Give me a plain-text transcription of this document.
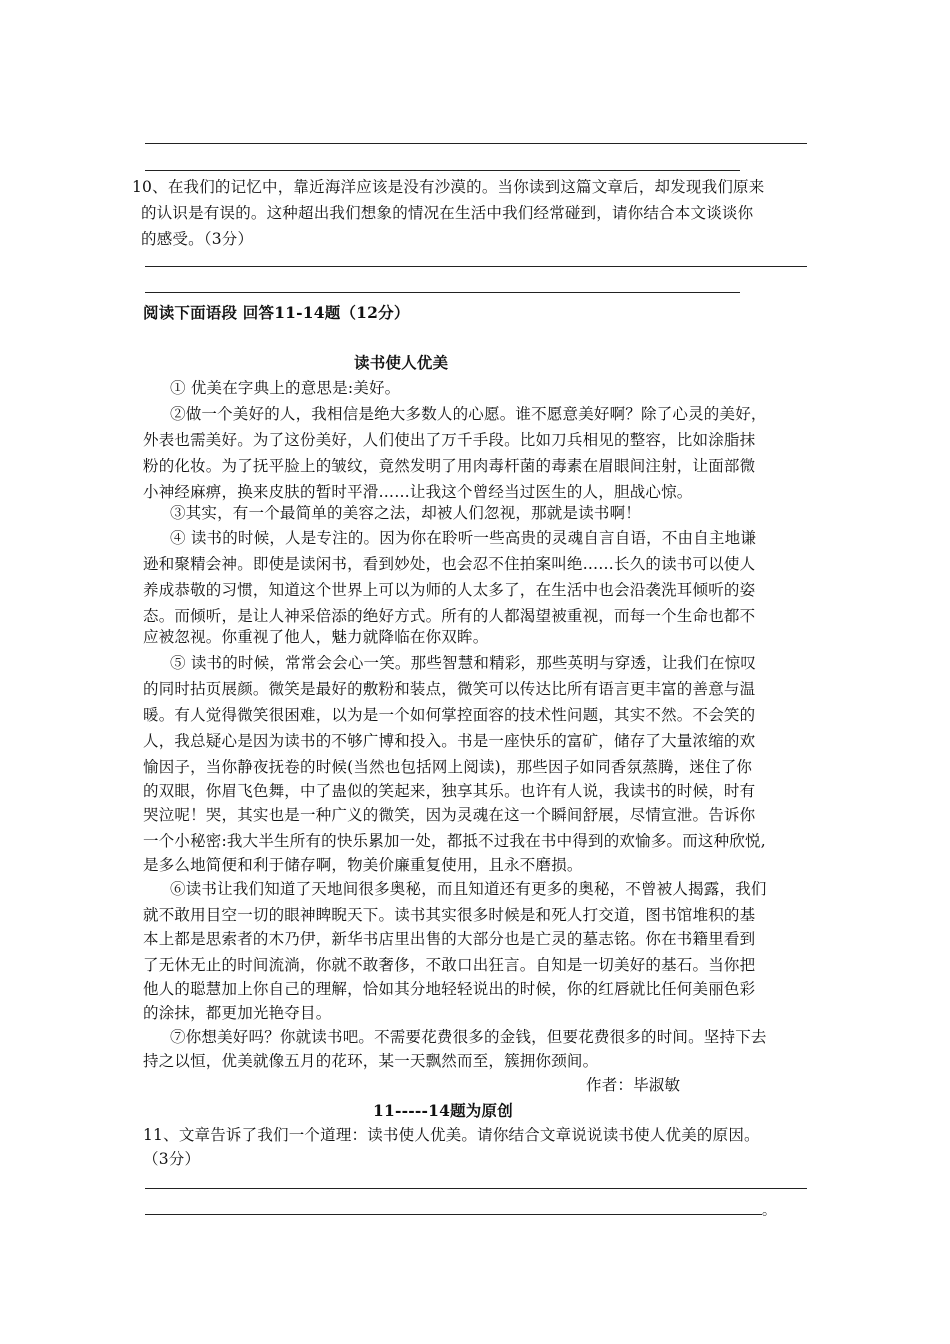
10、在我们的记忆中，靠近海洋应该是没有沙漠的。当你读到这篇文章后，却发现我们原来
的认识是有误的。这种超出我们想象的情况在生活中我们经常碰到，请你结合本文谈谈你
的感受。（3分）
阅读下面语段 回答11-14题（12分）
读书使人优美
① 优美在字典上的意思是:美好。
②做一个美好的人，我相信是绝大多数人的心愿。谁不愿意美好啊？除了心灵的美好，
外表也需美好。为了这份美好，人们使出了万千手段。比如刀兵相见的整容，比如涂脂抹
粉的化妆。为了抚平脸上的皱纹，竟然发明了用肉毒杆菌的毒素在眉眼间注射，让面部微
小神经麻痹，换来皮肤的暂时平滑……让我这个曾经当过医生的人，胆战心惊。
③其实，有一个最简单的美容之法，却被人们忽视，那就是读书啊！
④ 读书的时候，人是专注的。因为你在聆听一些高贵的灵魂自言自语，不由自主地谦
逊和聚精会神。即使是读闲书，看到妙处，也会忍不住拍案叫绝……长久的读书可以使人
养成恭敬的习惯，知道这个世界上可以为师的人太多了，在生活中也会沿袭洗耳倾听的姿
态。而倾听，是让人神采倍添的绝好方式。所有的人都渴望被重视，而每一个生命也都不
应被忽视。你重视了他人，魅力就降临在你双眸。
⑤ 读书的时候，常常会会心一笑。那些智慧和精彩，那些英明与穿透，让我们在惊叹
的同时拈页展颜。微笑是最好的敷粉和装点，微笑可以传达比所有语言更丰富的善意与温
暖。有人觉得微笑很困难，以为是一个如何掌控面容的技术性问题，其实不然。不会笑的
人，我总疑心是因为读书的不够广博和投入。书是一座快乐的富矿，储存了大量浓缩的欢
愉因子，当你静夜抚卷的时候(当然也包括网上阅读)，那些因子如同香氛蒸腾，迷住了你
的双眼，你眉飞色舞，中了蛊似的笑起来，独享其乐。也许有人说，我读书的时候，时有
哭泣呢！哭，其实也是一种广义的微笑，因为灵魂在这一个瞬间舒展，尽情宣泄。告诉你
一个小秘密:我大半生所有的快乐累加一处，都抵不过我在书中得到的欢愉多。而这种欣悦,
是多么地简便和利于储存啊，物美价廉重复使用，且永不磨损。
⑥读书让我们知道了天地间很多奥秘，而且知道还有更多的奥秘，不曾被人揭露，我们
就不敢用目空一切的眼神睥睨天下。读书其实很多时候是和死人打交道，图书馆堆积的基
本上都是思索者的木乃伊，新华书店里出售的大部分也是亡灵的墓志铭。你在书籍里看到
了无休无止的时间流淌，你就不敢奢侈，不敢口出狂言。自知是一切美好的基石。当你把
他人的聪慧加上你自己的理解，恰如其分地轻轻说出的时候，你的红唇就比任何美丽色彩
的涂抹，都更加光艳夺目。
⑦你想美好吗？你就读书吧。不需要花费很多的金钱，但要花费很多的时间。坚持下去
持之以恒，优美就像五月的花环，某一天飘然而至，簇拥你颈间。
作者：毕淑敏
11-----14题为原创
11、文章告诉了我们一个道理：读书使人优美。请你结合文章说说读书使人优美的原因。
（3分）
。
